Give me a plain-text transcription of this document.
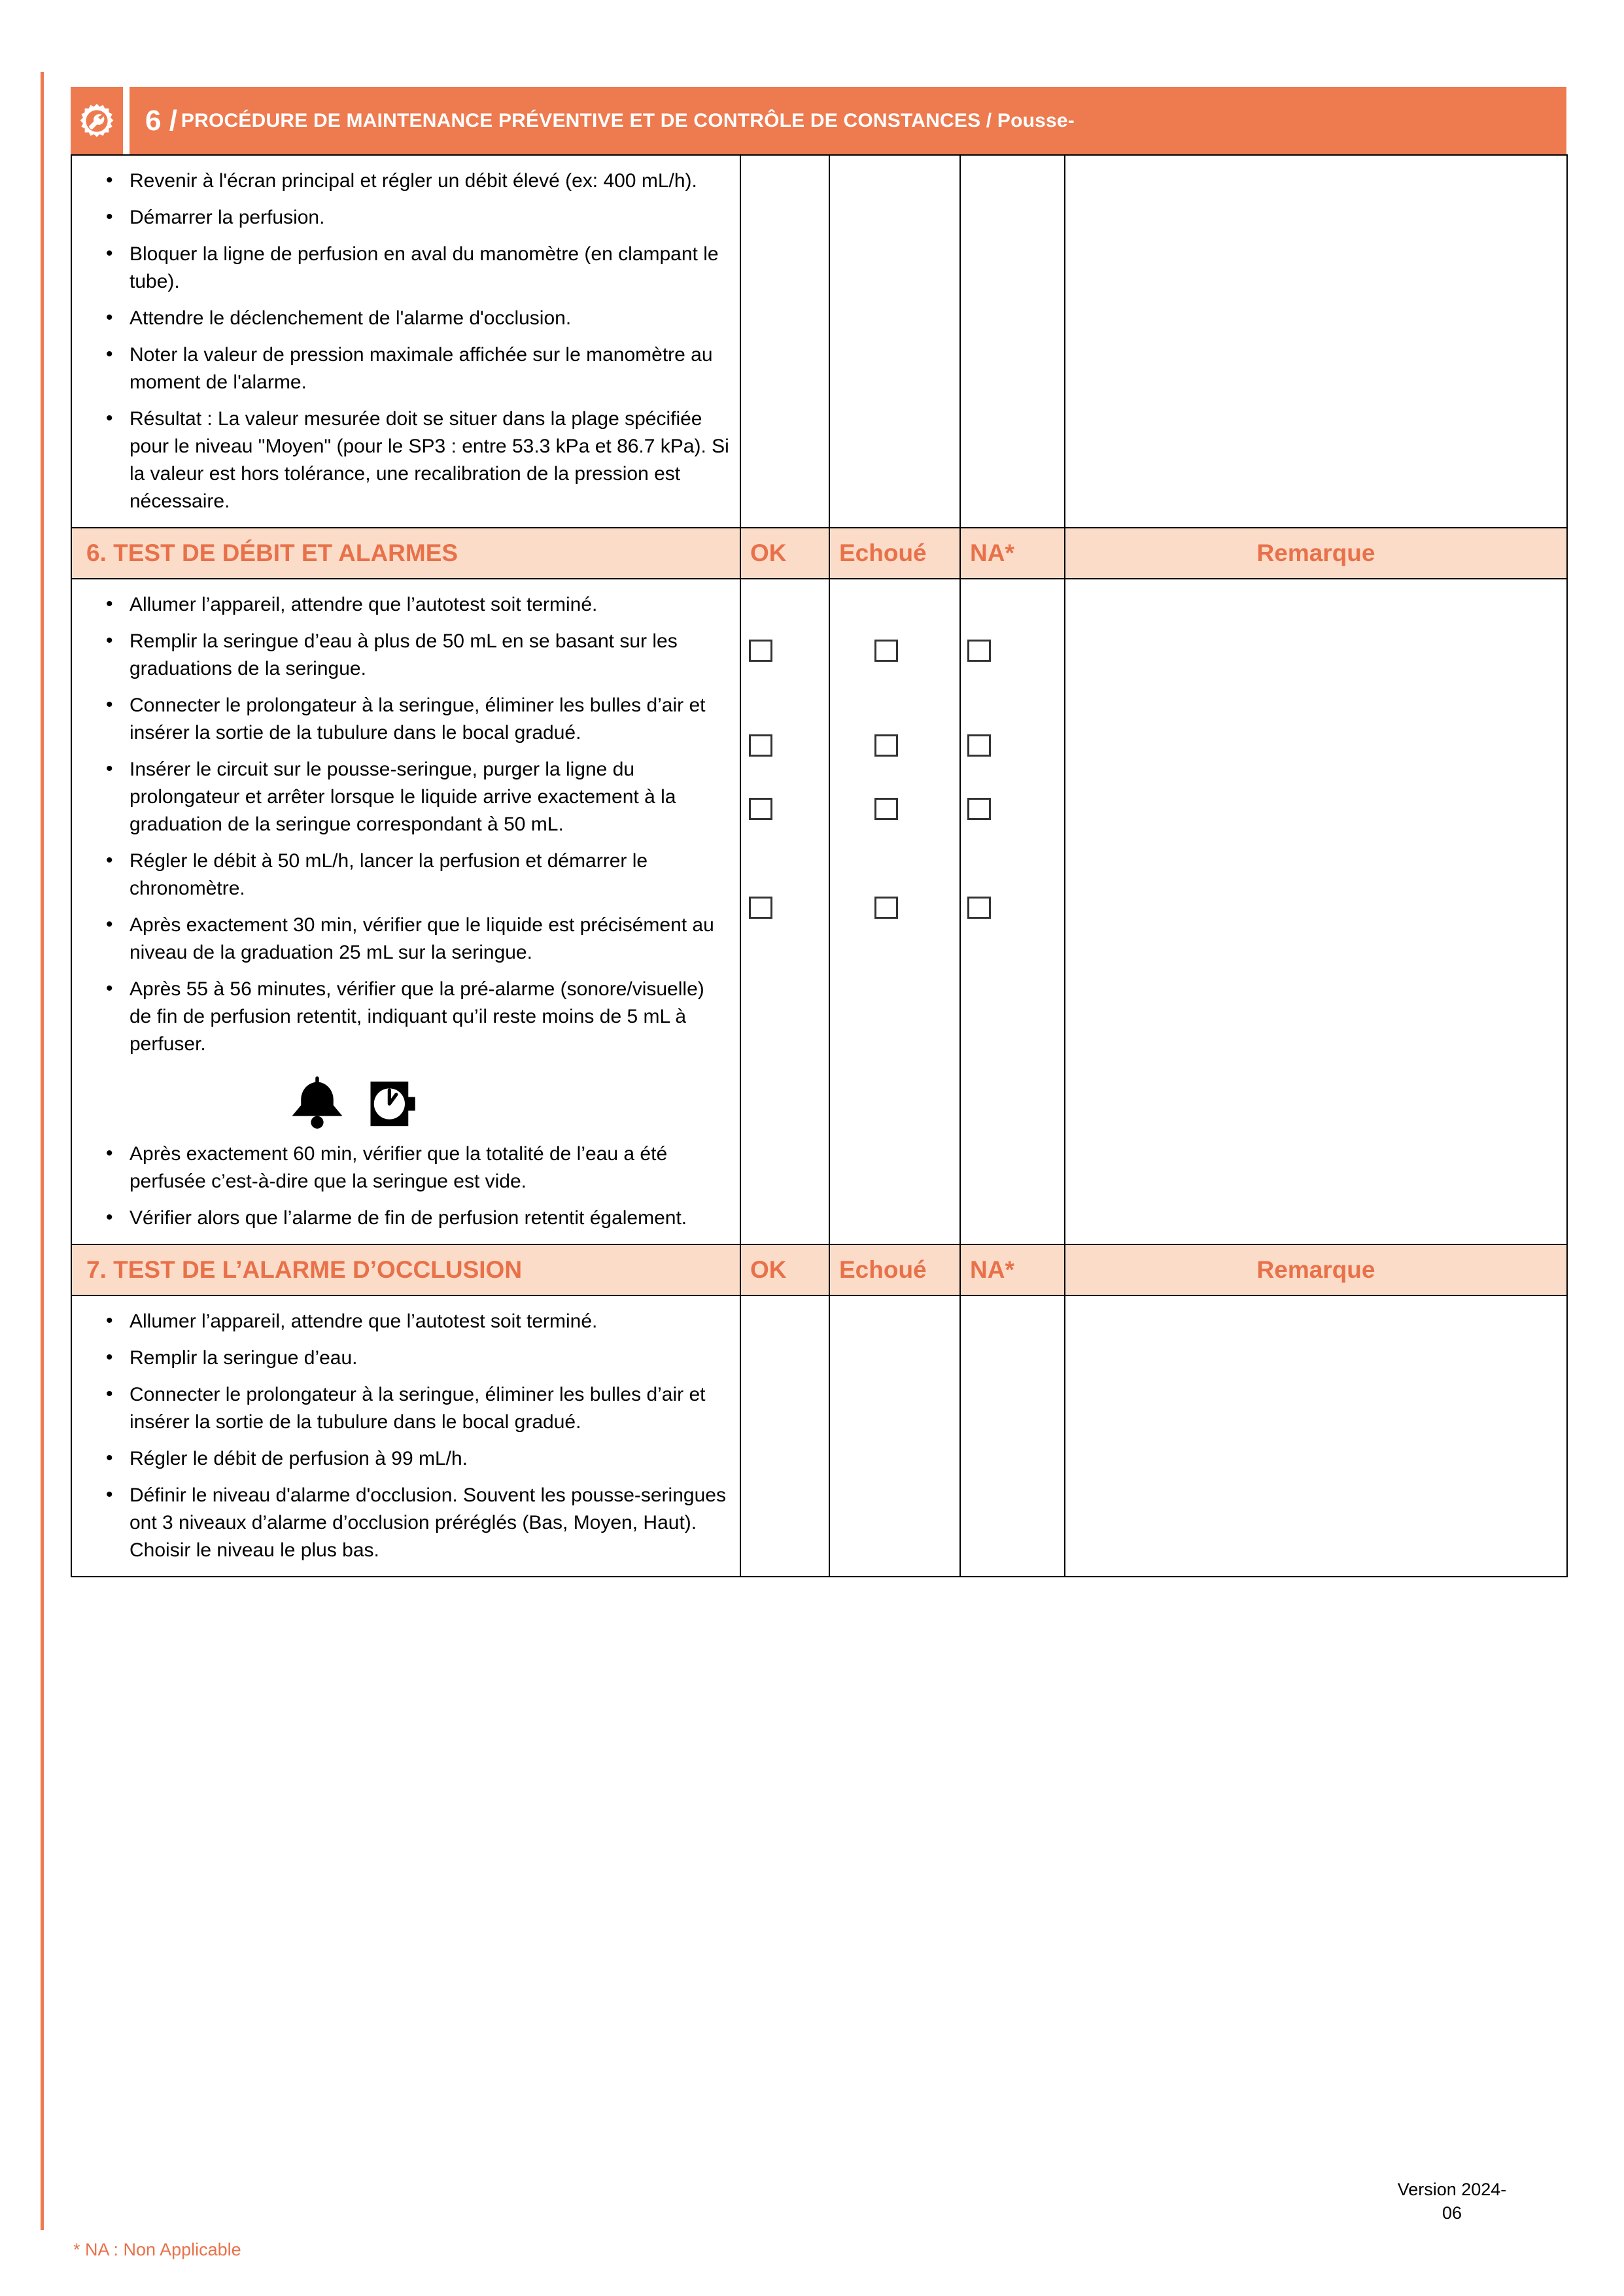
6 / PROCÉDURE DE MAINTENANCE PRÉVENTIVE ET DE CONTRÔLE DE CONSTANCES / Pousse-
• Revenir à l'écran principal et régler un débit élevé (ex: 400 mL/h).
• Démarrer la perfusion.
• Bloquer la ligne de perfusion en aval du manomètre (en clampant le tube).
• Attendre le déclenchement de l'alarme d'occlusion.
• Noter la valeur de pression maximale affichée sur le manomètre au moment de l'alarme.
• Résultat : La valeur mesurée doit se situer dans la plage spécifiée pour le niveau "Moyen" (pour le SP3 : entre 53.3 kPa et 86.7 kPa). Si la valeur est hors tolérance, une recalibration de la pression est nécessaire.

6. TEST DE DÉBIT ET ALARMES	OK	Echoué	NA*	Remarque

• Allumer l’appareil, attendre que l’autotest soit terminé.
• Remplir la seringue d’eau à plus de 50 mL en se basant sur les graduations de la seringue.
• Connecter le prolongateur à la seringue, éliminer les bulles d’air et insérer la sortie de la tubulure dans le bocal gradué.
• Insérer le circuit sur le pousse-seringue, purger la ligne du prolongateur et arrêter lorsque le liquide arrive exactement à la graduation de la seringue correspondant à 50 mL.
• Régler le débit à 50 mL/h, lancer la perfusion et démarrer le chronomètre.
• Après exactement 30 min, vérifier que le liquide est précisément au niveau de la graduation 25 mL sur la seringue.
• Après 55 à 56 minutes, vérifier que la pré-alarme (sonore/visuelle) de fin de perfusion retentit, indiquant qu’il reste moins de 5 mL à perfuser.
• Après exactement 60 min, vérifier que la totalité de l’eau a été perfusée c’est-à-dire que la seringue est vide.
• Vérifier alors que l’alarme de fin de perfusion retentit également.

7. TEST DE L’ALARME D’OCCLUSION	OK	Echoué	NA*	Remarque

• Allumer l’appareil, attendre que l’autotest soit terminé.
• Remplir la seringue d’eau.
• Connecter le prolongateur à la seringue, éliminer les bulles d’air et insérer la sortie de la tubulure dans le bocal gradué.
• Régler le débit de perfusion à 99 mL/h.
• Définir le niveau d'alarme d'occlusion. Souvent les pousse-seringues ont 3 niveaux d’alarme d’occlusion préréglés (Bas, Moyen, Haut). Choisir le niveau le plus bas.

Version 2024-
06
* NA : Non Applicable
